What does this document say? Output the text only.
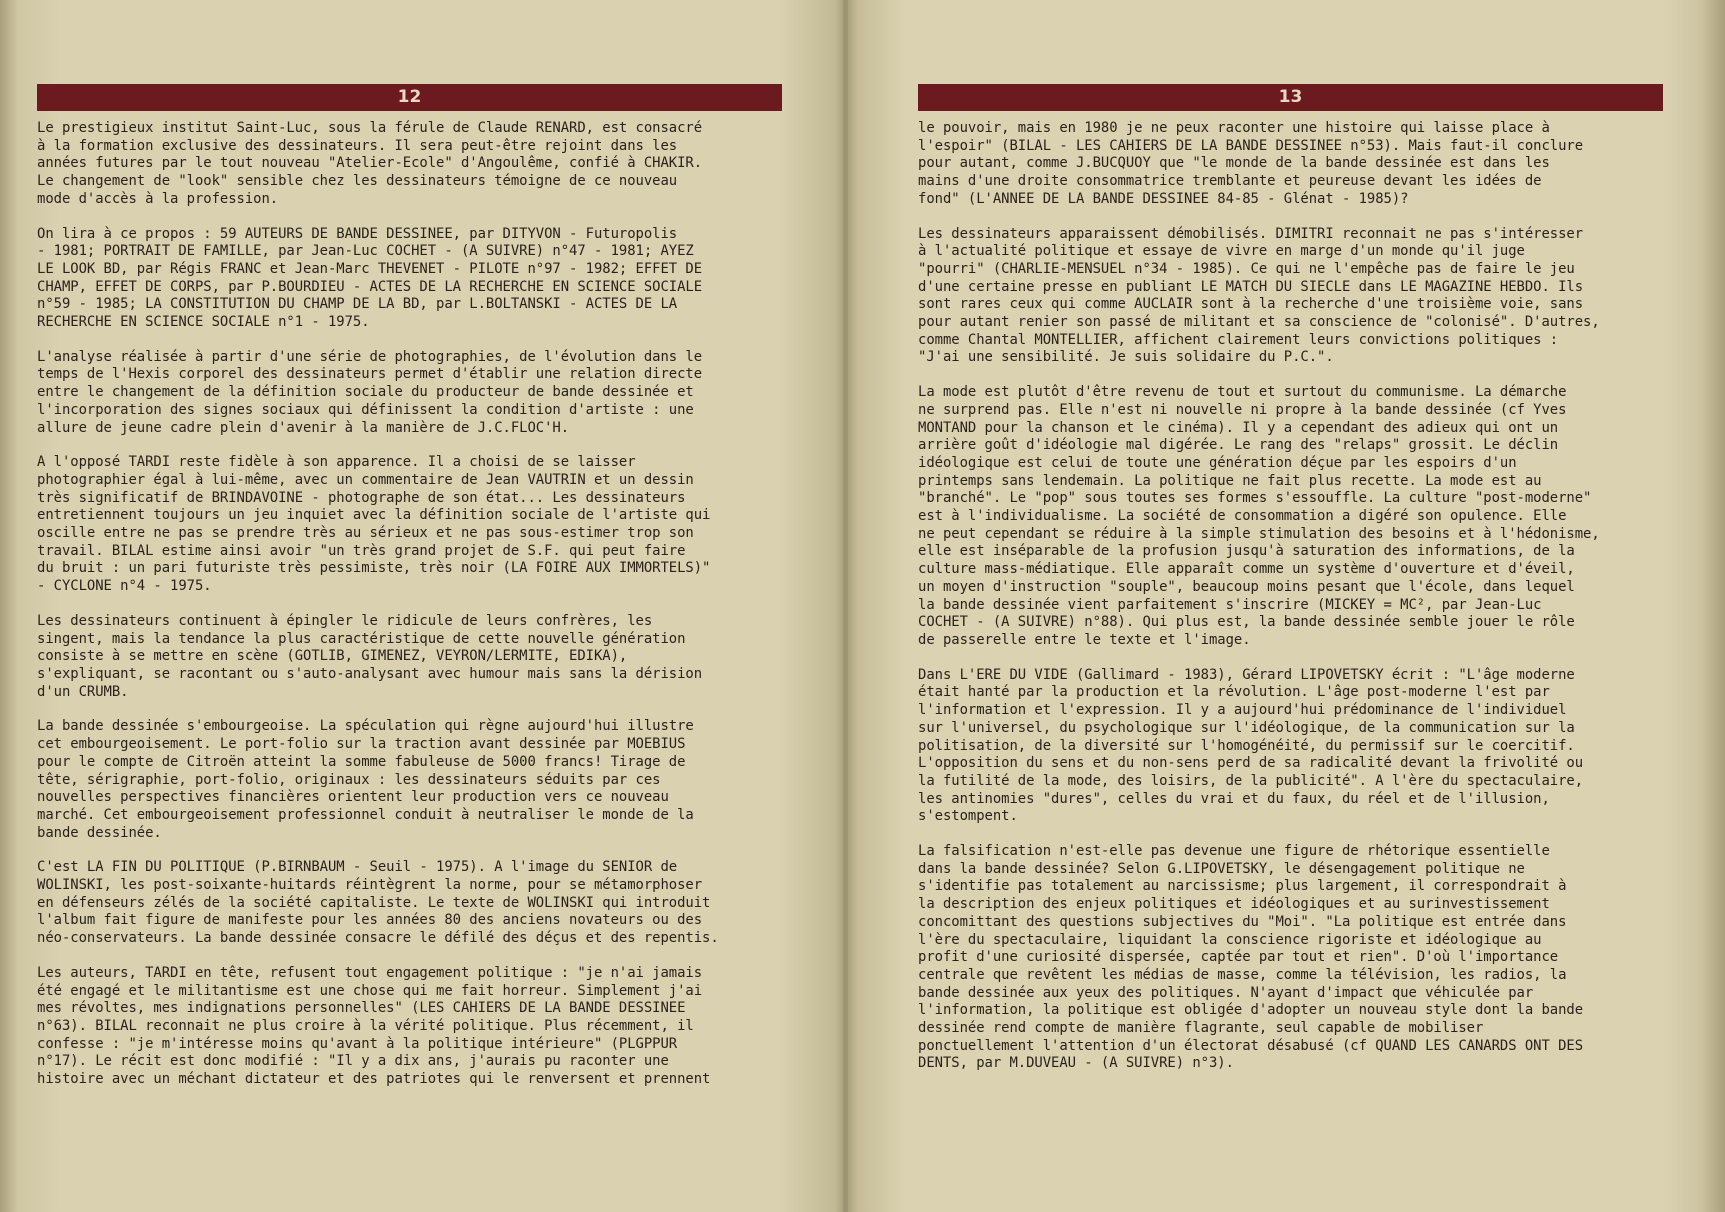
12

Le prestigieux institut Saint-Luc, sous la férule de Claude RENARD, est consacré
à la formation exclusive des dessinateurs. Il sera peut-être rejoint dans les
années futures par le tout nouveau "Atelier-Ecole" d'Angoulême, confié à CHAKIR.
Le changement de "look" sensible chez les dessinateurs témoigne de ce nouveau
mode d'accès à la profession.

On lira à ce propos : 59 AUTEURS DE BANDE DESSINEE, par DITYVON - Futuropolis
- 1981; PORTRAIT DE FAMILLE, par Jean-Luc COCHET - (A SUIVRE) n°47 - 1981; AYEZ
LE LOOK BD, par Régis FRANC et Jean-Marc THEVENET - PILOTE n°97 - 1982; EFFET DE
CHAMP, EFFET DE CORPS, par P.BOURDIEU - ACTES DE LA RECHERCHE EN SCIENCE SOCIALE
n°59 - 1985; LA CONSTITUTION DU CHAMP DE LA BD, par L.BOLTANSKI - ACTES DE LA
RECHERCHE EN SCIENCE SOCIALE n°1 - 1975.

L'analyse réalisée à partir d'une série de photographies, de l'évolution dans le
temps de l'Hexis corporel des dessinateurs permet d'établir une relation directe
entre le changement de la définition sociale du producteur de bande dessinée et
l'incorporation des signes sociaux qui définissent la condition d'artiste : une
allure de jeune cadre plein d'avenir à la manière de J.C.FLOC'H.

A l'opposé TARDI reste fidèle à son apparence. Il a choisi de se laisser
photographier égal à lui-même, avec un commentaire de Jean VAUTRIN et un dessin
très significatif de BRINDAVOINE - photographe de son état... Les dessinateurs
entretiennent toujours un jeu inquiet avec la définition sociale de l'artiste qui
oscille entre ne pas se prendre très au sérieux et ne pas sous-estimer trop son
travail. BILAL estime ainsi avoir "un très grand projet de S.F. qui peut faire
du bruit : un pari futuriste très pessimiste, très noir (LA FOIRE AUX IMMORTELS)"
- CYCLONE n°4 - 1975.

Les dessinateurs continuent à épingler le ridicule de leurs confrères, les
singent, mais la tendance la plus caractéristique de cette nouvelle génération
consiste à se mettre en scène (GOTLIB, GIMENEZ, VEYRON/LERMITE, EDIKA),
s'expliquant, se racontant ou s'auto-analysant avec humour mais sans la dérision
d'un CRUMB.

La bande dessinée s'embourgeoise. La spéculation qui règne aujourd'hui illustre
cet embourgeoisement. Le port-folio sur la traction avant dessinée par MOEBIUS
pour le compte de Citroën atteint la somme fabuleuse de 5000 francs! Tirage de
tête, sérigraphie, port-folio, originaux : les dessinateurs séduits par ces
nouvelles perspectives financières orientent leur production vers ce nouveau
marché. Cet embourgeoisement professionnel conduit à neutraliser le monde de la
bande dessinée.

C'est LA FIN DU POLITIQUE (P.BIRNBAUM - Seuil - 1975). A l'image du SENIOR de
WOLINSKI, les post-soixante-huitards réintègrent la norme, pour se métamorphoser
en défenseurs zélés de la société capitaliste. Le texte de WOLINSKI qui introduit
l'album fait figure de manifeste pour les années 80 des anciens novateurs ou des
néo-conservateurs. La bande dessinée consacre le défilé des déçus et des repentis.

Les auteurs, TARDI en tête, refusent tout engagement politique : "je n'ai jamais
été engagé et le militantisme est une chose qui me fait horreur. Simplement j'ai
mes révoltes, mes indignations personnelles" (LES CAHIERS DE LA BANDE DESSINEE
n°63). BILAL reconnait ne plus croire à la vérité politique. Plus récemment, il
confesse : "je m'intéresse moins qu'avant à la politique intérieure" (PLGPPUR
n°17). Le récit est donc modifié : "Il y a dix ans, j'aurais pu raconter une
histoire avec un méchant dictateur et des patriotes qui le renversent et prennent

13

le pouvoir, mais en 1980 je ne peux raconter une histoire qui laisse place à
l'espoir" (BILAL - LES CAHIERS DE LA BANDE DESSINEE n°53). Mais faut-il conclure
pour autant, comme J.BUCQUOY que "le monde de la bande dessinée est dans les
mains d'une droite consommatrice tremblante et peureuse devant les idées de
fond" (L'ANNEE DE LA BANDE DESSINEE 84-85 - Glénat - 1985)?

Les dessinateurs apparaissent démobilisés. DIMITRI reconnait ne pas s'intéresser
à l'actualité politique et essaye de vivre en marge d'un monde qu'il juge
"pourri" (CHARLIE-MENSUEL n°34 - 1985). Ce qui ne l'empêche pas de faire le jeu
d'une certaine presse en publiant LE MATCH DU SIECLE dans LE MAGAZINE HEBDO. Ils
sont rares ceux qui comme AUCLAIR sont à la recherche d'une troisième voie, sans
pour autant renier son passé de militant et sa conscience de "colonisé". D'autres,
comme Chantal MONTELLIER, affichent clairement leurs convictions politiques :
"J'ai une sensibilité. Je suis solidaire du P.C.".

La mode est plutôt d'être revenu de tout et surtout du communisme. La démarche
ne surprend pas. Elle n'est ni nouvelle ni propre à la bande dessinée (cf Yves
MONTAND pour la chanson et le cinéma). Il y a cependant des adieux qui ont un
arrière goût d'idéologie mal digérée. Le rang des "relaps" grossit. Le déclin
idéologique est celui de toute une génération déçue par les espoirs d'un
printemps sans lendemain. La politique ne fait plus recette. La mode est au
"branché". Le "pop" sous toutes ses formes s'essouffle. La culture "post-moderne"
est à l'individualisme. La société de consommation a digéré son opulence. Elle
ne peut cependant se réduire à la simple stimulation des besoins et à l'hédonisme,
elle est inséparable de la profusion jusqu'à saturation des informations, de la
culture mass-médiatique. Elle apparaît comme un système d'ouverture et d'éveil,
un moyen d'instruction "souple", beaucoup moins pesant que l'école, dans lequel
la bande dessinée vient parfaitement s'inscrire (MICKEY = MC², par Jean-Luc
COCHET - (A SUIVRE) n°88). Qui plus est, la bande dessinée semble jouer le rôle
de passerelle entre le texte et l'image.

Dans L'ERE DU VIDE (Gallimard - 1983), Gérard LIPOVETSKY écrit : "L'âge moderne
était hanté par la production et la révolution. L'âge post-moderne l'est par
l'information et l'expression. Il y a aujourd'hui prédominance de l'individuel
sur l'universel, du psychologique sur l'idéologique, de la communication sur la
politisation, de la diversité sur l'homogénéité, du permissif sur le coercitif.
L'opposition du sens et du non-sens perd de sa radicalité devant la frivolité ou
la futilité de la mode, des loisirs, de la publicité". A l'ère du spectaculaire,
les antinomies "dures", celles du vrai et du faux, du réel et de l'illusion,
s'estompent.

La falsification n'est-elle pas devenue une figure de rhétorique essentielle
dans la bande dessinée? Selon G.LIPOVETSKY, le désengagement politique ne
s'identifie pas totalement au narcissisme; plus largement, il correspondrait à
la description des enjeux politiques et idéologiques et au surinvestissement
concomittant des questions subjectives du "Moi". "La politique est entrée dans
l'ère du spectaculaire, liquidant la conscience rigoriste et idéologique au
profit d'une curiosité dispersée, captée par tout et rien". D'où l'importance
centrale que revêtent les médias de masse, comme la télévision, les radios, la
bande dessinée aux yeux des politiques. N'ayant d'impact que véhiculée par
l'information, la politique est obligée d'adopter un nouveau style dont la bande
dessinée rend compte de manière flagrante, seul capable de mobiliser
ponctuellement l'attention d'un électorat désabusé (cf QUAND LES CANARDS ONT DES
DENTS, par M.DUVEAU - (A SUIVRE) n°3).
